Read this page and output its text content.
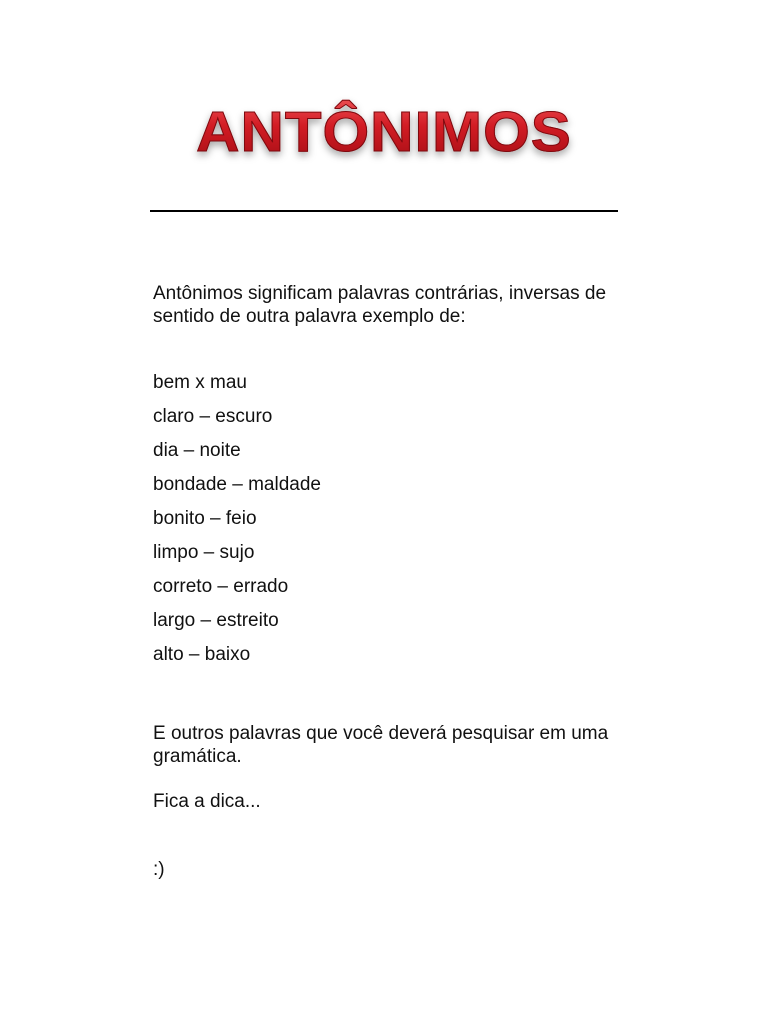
ANTÔNIMOS

Antônimos significam palavras contrárias, inversas de sentido de outra palavra exemplo de:

bem x mau
claro – escuro
dia – noite
bondade – maldade
bonito – feio
limpo – sujo
correto – errado
largo – estreito
alto – baixo

E outros palavras que você deverá pesquisar em uma gramática.

Fica a dica...

:)
